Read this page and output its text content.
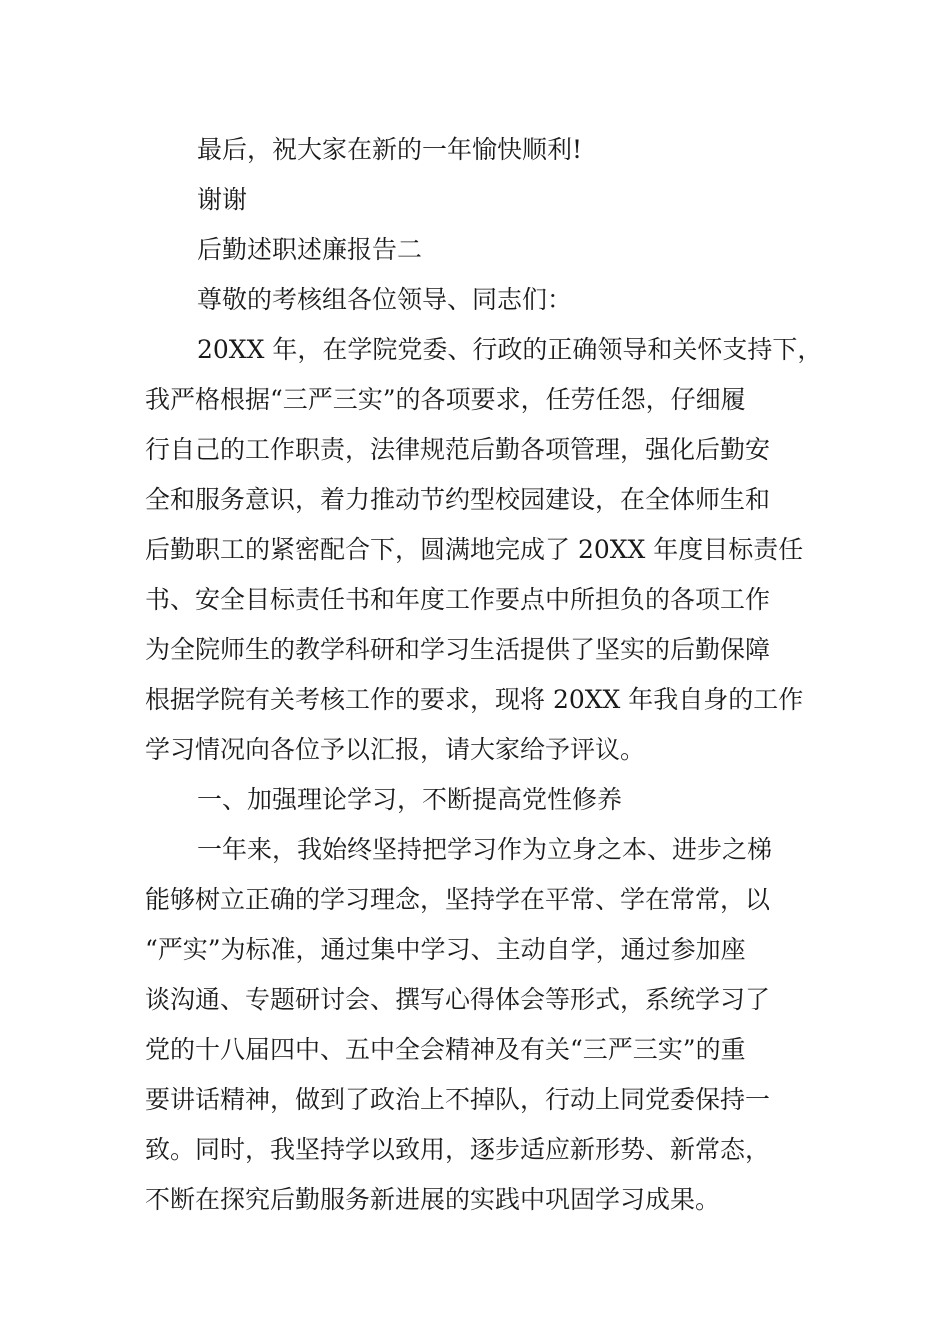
最后，祝大家在新的一年愉快顺利!
谢谢
后勤述职述廉报告二
尊敬的考核组各位领导、同志们：
20XX 年，在学院党委、行政的正确领导和关怀支持下，
我严格根据“三严三实”的各项要求，任劳任怨，仔细履
行自己的工作职责，法律规范后勤各项管理，强化后勤安
全和服务意识，着力推动节约型校园建设，在全体师生和
后勤职工的紧密配合下，圆满地完成了 20XX 年度目标责任
书、安全目标责任书和年度工作要点中所担负的各项工作
为全院师生的教学科研和学习生活提供了坚实的后勤保障
根据学院有关考核工作的要求，现将 20XX 年我自身的工作
学习情况向各位予以汇报，请大家给予评议。
一、加强理论学习，不断提高党性修养
一年来，我始终坚持把学习作为立身之本、进步之梯
能够树立正确的学习理念，坚持学在平常、学在常常，以
“严实”为标准，通过集中学习、主动自学，通过参加座
谈沟通、专题研讨会、撰写心得体会等形式，系统学习了
党的十八届四中、五中全会精神及有关“三严三实”的重
要讲话精神，做到了政治上不掉队，行动上同党委保持一
致。同时，我坚持学以致用，逐步适应新形势、新常态，
不断在探究后勤服务新进展的实践中巩固学习成果。
